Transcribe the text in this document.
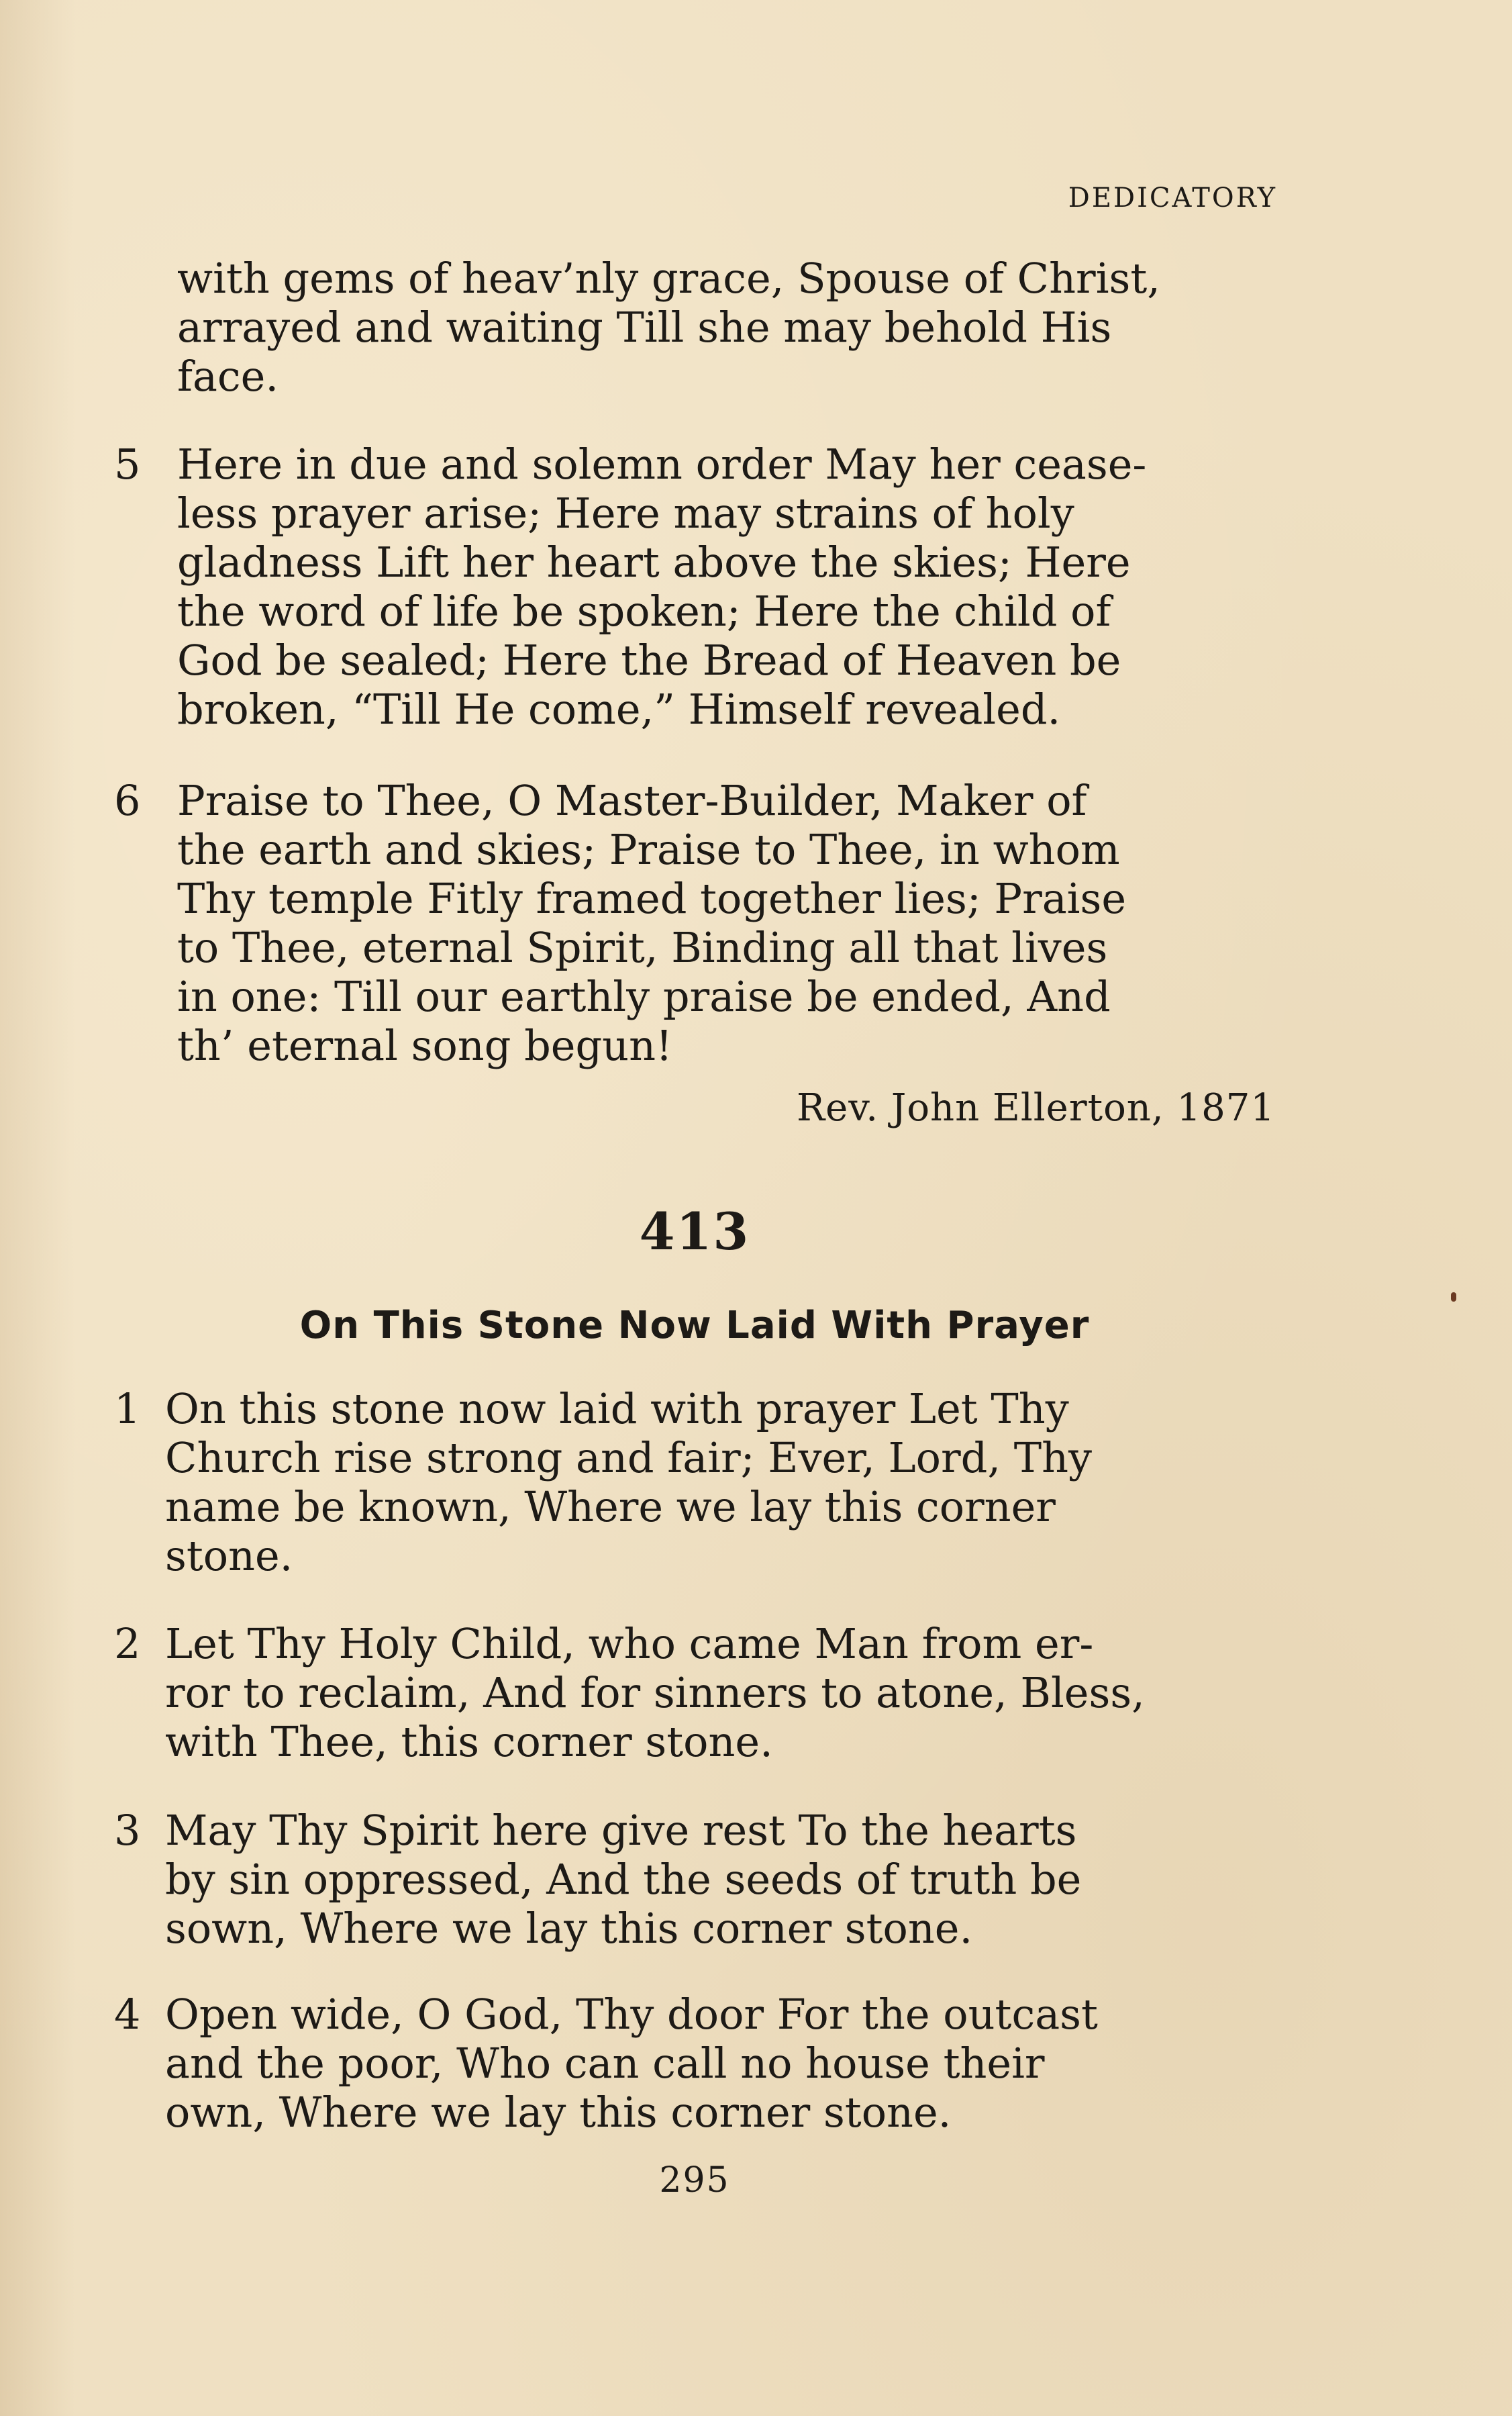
DEDICATORY

with gems of heav’nly grace, Spouse of Christ,
arrayed and waiting Till she may behold His
face.

5 Here in due and solemn order May her cease-
less prayer arise; Here may strains of holy
gladness Lift her heart above the skies; Here
the word of life be spoken; Here the child of
God be sealed; Here the Bread of Heaven be
broken, “Till He come,” Himself revealed.

6 Praise to Thee, O Master-Builder, Maker of
the earth and skies; Praise to Thee, in whom
Thy temple Fitly framed together lies; Praise
to Thee, eternal Spirit, Binding all that lives
in one: Till our earthly praise be ended, And
th’ eternal song begun!

Rev. John Ellerton, 1871
413
On This Stone Now Laid With Prayer

1 On this stone now laid with prayer Let Thy
Church rise strong and fair; Ever, Lord, Thy
name be known, Where we lay this corner
stone.

2 Let Thy Holy Child, who came Man from er-
ror to reclaim, And for sinners to atone, Bless,
with Thee, this corner stone.

3 May Thy Spirit here give rest To the hearts
by sin oppressed, And the seeds of truth be
sown, Where we lay this corner stone.

4 Open wide, O God, Thy door For the outcast
and the poor, Who can call no house their
own, Where we lay this corner stone.

295
